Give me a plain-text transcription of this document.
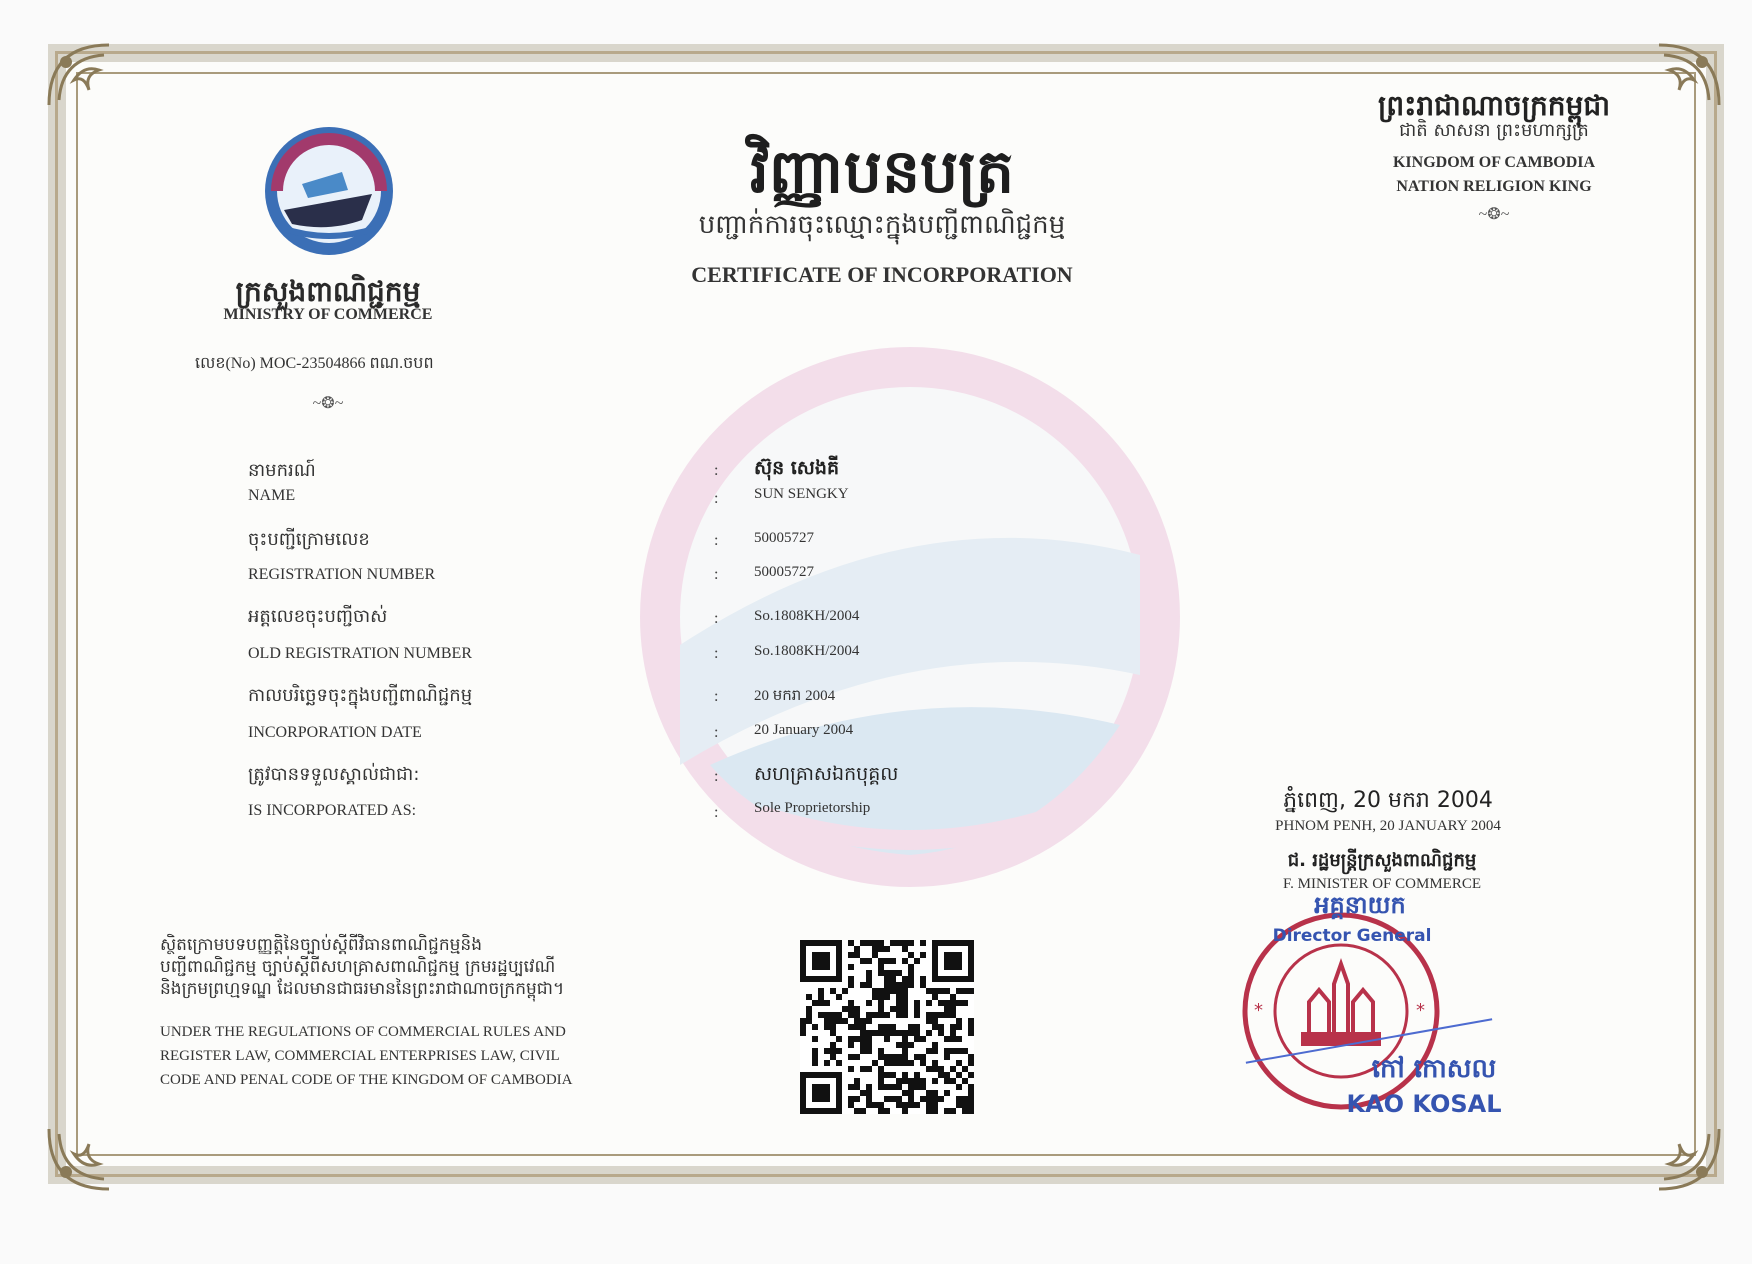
ព្រះរាជាណាចក្រកម្ពុជា
ជាតិ សាសនា ព្រះមហាក្សត្រ
KINGDOM OF CAMBODIA
NATION RELIGION KING
~❂~
វិញ្ញាបនបត្រ
បញ្ជាក់ការចុះឈ្មោះក្នុងបញ្ជីពាណិជ្ជកម្ម
CERTIFICATE OF INCORPORATION
ក្រសួងពាណិជ្ជកម្ម
MINISTRY OF COMMERCE
លេខ(No) MOC-23504866 ពណ.ចបព
~❂~
នាមករណ៍
NAME
:
:
ស៊ុន សេងគី
SUN SENGKY
ចុះបញ្ជីក្រោមលេខ
REGISTRATION NUMBER
:
:
50005727
50005727
អត្តលេខចុះបញ្ជីចាស់
OLD REGISTRATION NUMBER
:
:
So.1808KH/2004
So.1808KH/2004
កាលបរិច្ឆេទចុះក្នុងបញ្ជីពាណិជ្ជកម្ម
INCORPORATION DATE
:
:
20 មករា 2004
20 January 2004
ត្រូវបានទទួលស្គាល់ជាជា:
IS INCORPORATED AS:
:
:
សហគ្រាសឯកបុគ្គល
Sole Proprietorship	ភ្នំពេញ, 20 មករា 2004
PHNOM PENH, 20 JANUARY 2004
ជ. រដ្ឋមន្ត្រីក្រសួងពាណិជ្ជកម្ម
F. MINISTER OF COMMERCE
ស្ថិតក្រោមបទបញ្ញត្តិនៃច្បាប់ស្តីពីវិធានពាណិជ្ជកម្មនិង
បញ្ជីពាណិជ្ជកម្ម ច្បាប់ស្តីពីសហគ្រាសពាណិជ្ជកម្ម ក្រមរដ្ឋប្បវេណី
និងក្រមព្រហ្មទណ្ឌ ដែលមានជាធរមាននៃព្រះរាជាណាចក្រកម្ពុជា។
UNDER THE REGULATIONS OF COMMERCIAL RULES AND
REGISTER LAW, COMMERCIAL ENTERPRISES LAW, CIVIL
CODE AND PENAL CODE OF THE KINGDOM OF CAMBODIA
*	*
អគ្គនាយក
Director General
កៅ កោសល
KAO KOSAL
